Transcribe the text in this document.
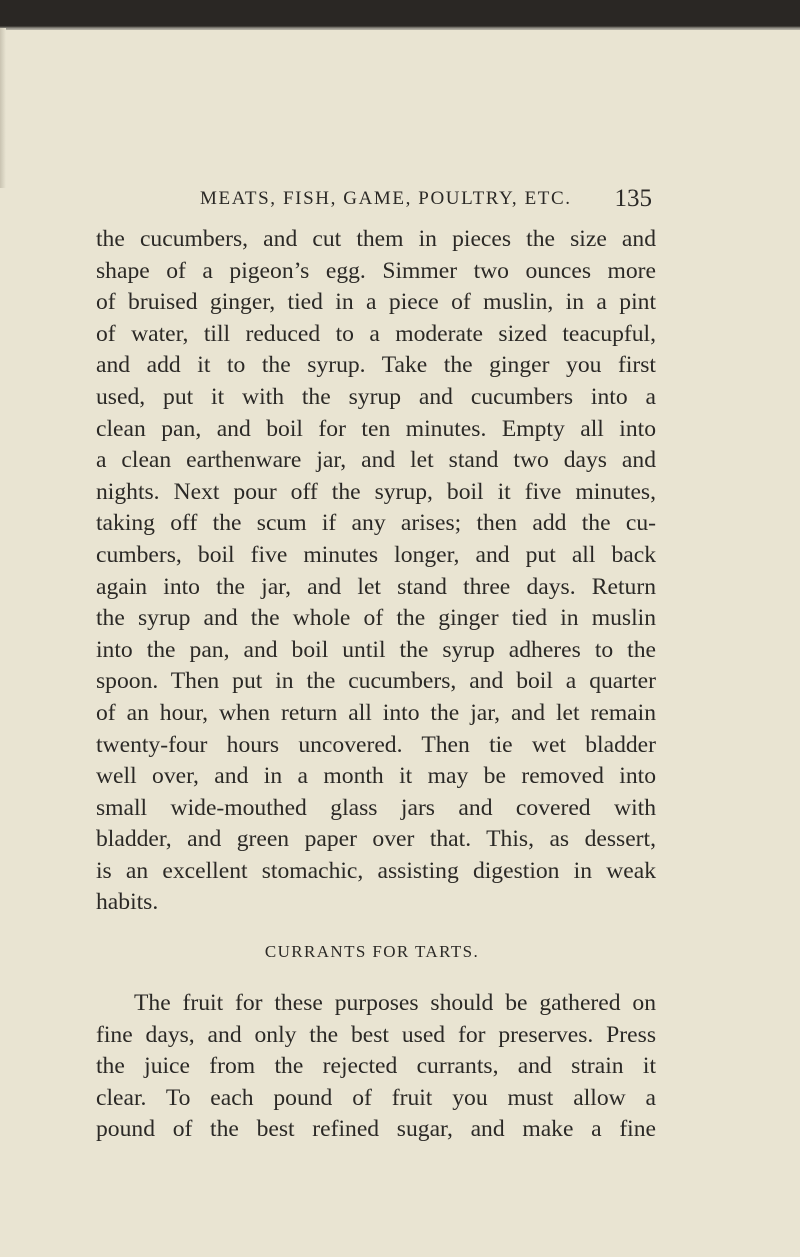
MEATS, FISH, GAME, POULTRY, ETC. 135
the cucumbers, and cut them in pieces the size and
shape of a pigeon’s egg. Simmer two ounces more
of bruised ginger, tied in a piece of muslin, in a pint
of water, till reduced to a moderate sized teacupful,
and add it to the syrup. Take the ginger you first
used, put it with the syrup and cucumbers into a
clean pan, and boil for ten minutes. Empty all into
a clean earthenware jar, and let stand two days and
nights. Next pour off the syrup, boil it five minutes,
taking off the scum if any arises; then add the cu-
cumbers, boil five minutes longer, and put all back
again into the jar, and let stand three days. Return
the syrup and the whole of the ginger tied in muslin
into the pan, and boil until the syrup adheres to the
spoon. Then put in the cucumbers, and boil a quarter
of an hour, when return all into the jar, and let remain
twenty-four hours uncovered. Then tie wet bladder
well over, and in a month it may be removed into
small wide-mouthed glass jars and covered with
bladder, and green paper over that. This, as dessert,
is an excellent stomachic, assisting digestion in weak
habits.
CURRANTS FOR TARTS.
The fruit for these purposes should be gathered on
fine days, and only the best used for preserves. Press
the juice from the rejected currants, and strain it
clear. To each pound of fruit you must allow a
pound of the best refined sugar, and make a fine
